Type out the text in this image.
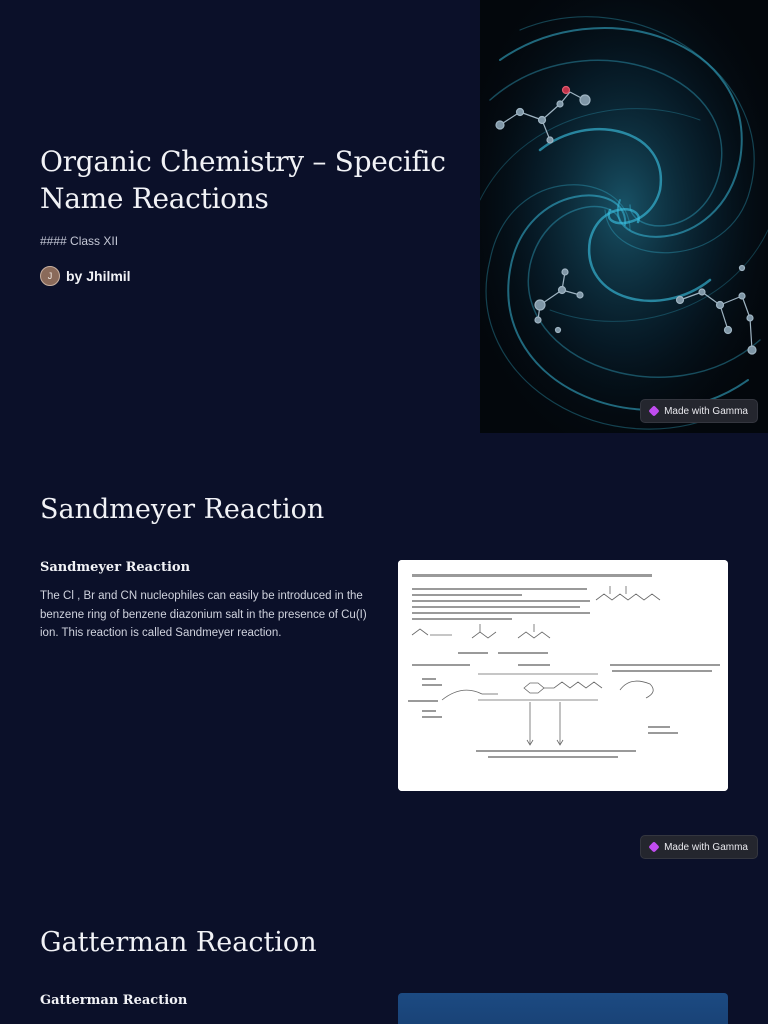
Made with Gamma
Organic Chemistry – Specific Name Reactions

#### Class XII

J by Jhilmil
Sandmeyer Reaction
Sandmeyer Reaction

The Cl , Br and CN nucleophiles can easily be introduced in the benzene ring of benzene diazonium salt in the presence of Cu(I) ion. This reaction is called Sandmeyer reaction.

Made with Gamma
Gatterman Reaction
Gatterman Reaction
